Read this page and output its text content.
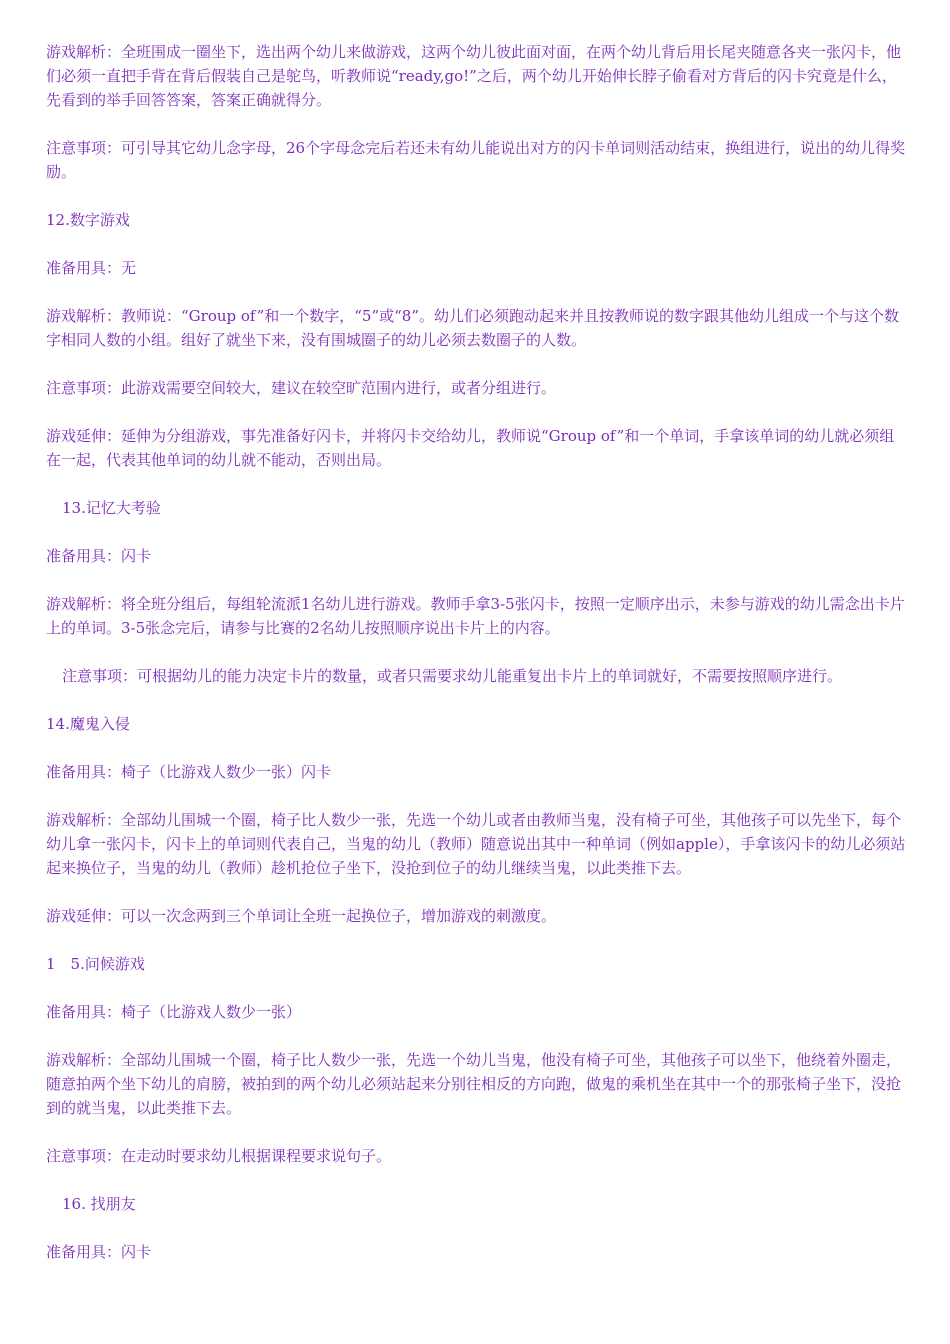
游戏解析：全班围成一圈坐下，选出两个幼儿来做游戏，这两个幼儿彼此面对面，在两个幼儿背后用长尾夹随意各夹一张闪卡，他们必须一直把手背在背后假装自己是鸵鸟，听教师说“ready,go!”之后，两个幼儿开始伸长脖子偷看对方背后的闪卡究竟是什么，先看到的举手回答答案，答案正确就得分。

注意事项：可引导其它幼儿念字母，26个字母念完后若还未有幼儿能说出对方的闪卡单词则活动结束，换组进行，说出的幼儿得奖励。

12.数字游戏

准备用具：无

游戏解析：教师说：“Group of”和一个数字，“5”或“8”。幼儿们必须跑动起来并且按教师说的数字跟其他幼儿组成一个与这个数字相同人数的小组。组好了就坐下来，没有围城圈子的幼儿必须去数圈子的人数。

注意事项：此游戏需要空间较大，建议在较空旷范围内进行，或者分组进行。

游戏延伸：延伸为分组游戏，事先准备好闪卡，并将闪卡交给幼儿，教师说“Group of”和一个单词，手拿该单词的幼儿就必须组在一起，代表其他单词的幼儿就不能动，否则出局。

13.记忆大考验

准备用具：闪卡

游戏解析：将全班分组后，每组轮流派1名幼儿进行游戏。教师手拿3-5张闪卡，按照一定顺序出示，未参与游戏的幼儿需念出卡片上的单词。3-5张念完后，请参与比赛的2名幼儿按照顺序说出卡片上的内容。

注意事项：可根据幼儿的能力决定卡片的数量，或者只需要求幼儿能重复出卡片上的单词就好，不需要按照顺序进行。

14.魔鬼入侵

准备用具：椅子（比游戏人数少一张）闪卡

游戏解析：全部幼儿围城一个圈，椅子比人数少一张，先选一个幼儿或者由教师当鬼，没有椅子可坐，其他孩子可以先坐下，每个幼儿拿一张闪卡，闪卡上的单词则代表自己，当鬼的幼儿（教师）随意说出其中一种单词（例如apple），手拿该闪卡的幼儿必须站起来换位子，当鬼的幼儿（教师）趁机抢位子坐下，没抢到位子的幼儿继续当鬼，以此类推下去。

游戏延伸：可以一次念两到三个单词让全班一起换位子，增加游戏的刺激度。

1　5.问候游戏

准备用具：椅子（比游戏人数少一张）

游戏解析：全部幼儿围城一个圈，椅子比人数少一张，先选一个幼儿当鬼，他没有椅子可坐，其他孩子可以坐下，他绕着外圈走，随意拍两个坐下幼儿的肩膀，被拍到的两个幼儿必须站起来分别往相反的方向跑，做鬼的乘机坐在其中一个的那张椅子坐下，没抢到的就当鬼，以此类推下去。

注意事项：在走动时要求幼儿根据课程要求说句子。

16. 找朋友

准备用具：闪卡
